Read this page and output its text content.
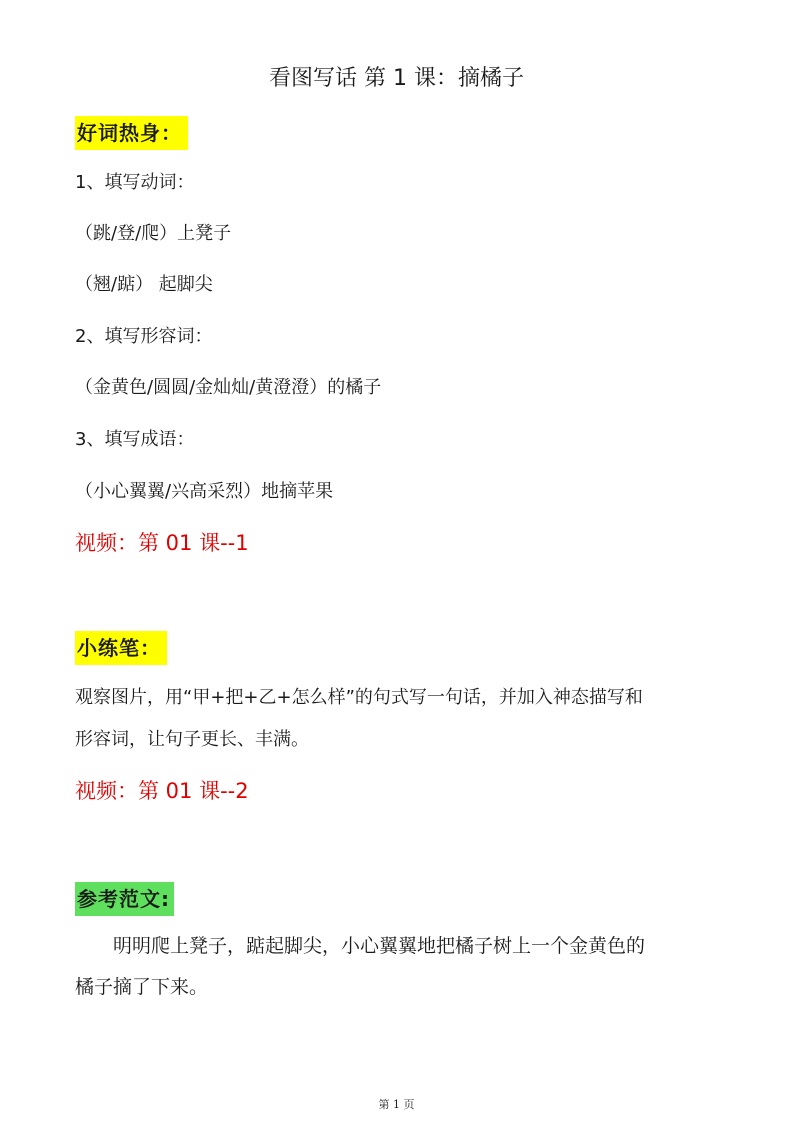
看图写话 第 1 课：摘橘子
好词热身：
1、填写动词：
（跳/登/爬）上凳子
（翘/踮） 起脚尖
2、填写形容词：
（金黄色/圆圆/金灿灿/黄澄澄）的橘子
3、填写成语：
（小心翼翼/兴高采烈）地摘苹果
视频：第 01 课--1
小练笔：
观察图片，用“甲+把+乙+怎么样”的句式写一句话，并加入神态描写和
形容词，让句子更长、丰满。
视频：第 01 课--2
参考范文:
　　明明爬上凳子，踮起脚尖，小心翼翼地把橘子树上一个金黄色的
橘子摘了下来。
第 1 页
